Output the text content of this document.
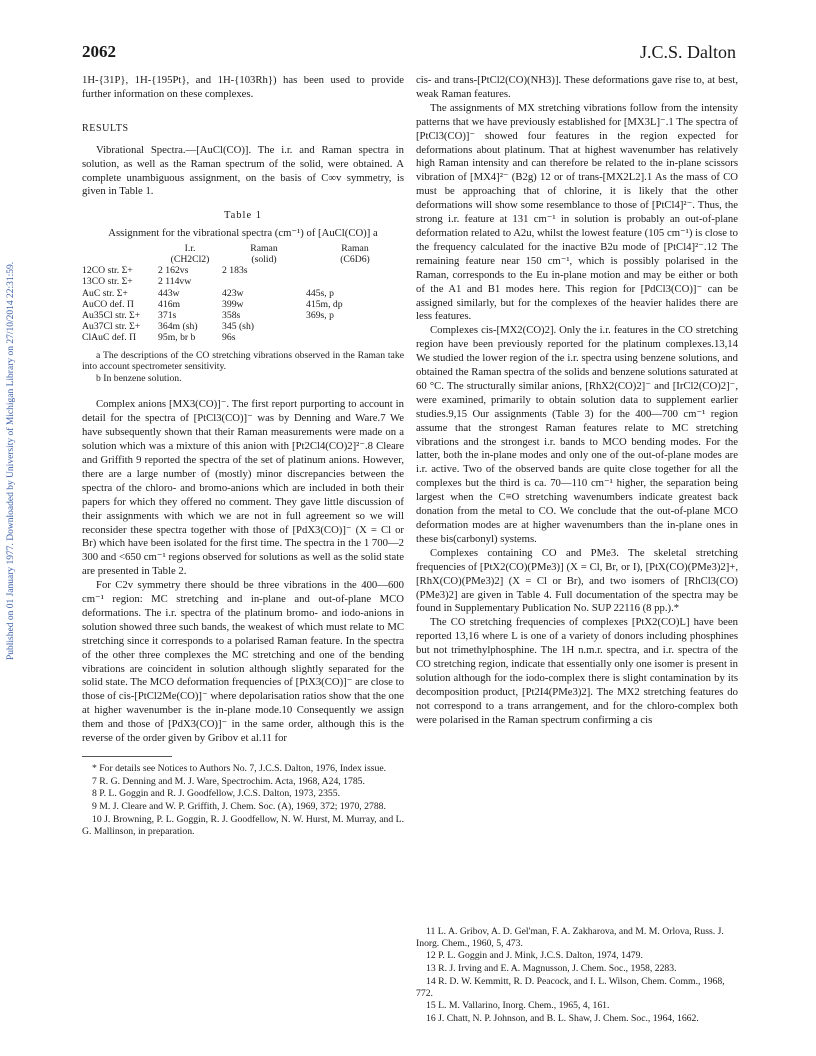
2062	J.C.S. Dalton
Published on 01 January 1977. Downloaded by University of Michigan Library on 27/10/2014 22:31:59.

1H-{31P}, 1H-{195Pt}, and 1H-{103Rh}) has been used to provide further information on these complexes.

RESULTS

Vibrational Spectra.—[AuCl(CO)]. The i.r. and Raman spectra in solution, as well as the Raman spectrum of the solid, were obtained. A complete unambiguous assignment, on the basis of C∞v symmetry, is given in Table 1.

Table 1
Assignment for the vibrational spectra (cm⁻¹) of [AuCl(CO)] a
	I.r.	Raman	Raman
	(CH2Cl2)	(solid)	(C6D6)
12CO str. Σ+	2 162vs	2 183s	
13CO str. Σ+	2 114vw		
AuC str. Σ+	443w	423w	445s, p
AuCO def. Π	416m	399w	415m, dp
Au35Cl str. Σ+	371s	358s	369s, p
Au37Cl str. Σ+	364m (sh)	345 (sh)	
ClAuC def. Π	95m, br b	96s	
a The descriptions of the CO stretching vibrations observed in the Raman take into account spectrometer sensitivity.
b In benzene solution.

Complex anions [MX3(CO)]⁻. The first report purporting to account in detail for the spectra of [PtCl3(CO)]⁻ was by Denning and Ware.7 We have subsequently shown that their Raman measurements were made on a solution which was a mixture of this anion with [Pt2Cl4(CO)2]²⁻.8 Cleare and Griffith 9 reported the spectra of the set of platinum anions. However, there are a large number of (mostly) minor discrepancies between the spectra of the chloro- and bromo-anions which are included in both their papers for which they offered no comment. They gave little discussion of their assignments with which we are not in full agreement so we will reconsider these spectra together with those of [PdX3(CO)]⁻ (X = Cl or Br) which have been isolated for the first time. The spectra in the 1 700—2 300 and <650 cm⁻¹ regions observed for solutions as well as the solid state are presented in Table 2.

For C2v symmetry there should be three vibrations in the 400—600 cm⁻¹ region: MC stretching and in-plane and out-of-plane MCO deformations. The i.r. spectra of the platinum bromo- and iodo-anions in solution showed three such bands, the weakest of which must relate to MC stretching since it corresponds to a polarised Raman feature. In the spectra of the other three complexes the MC stretching and one of the bending vibrations are coincident in solution although slightly separated for the solid state. The MCO deformation frequencies of [PtX3(CO)]⁻ are close to those of cis-[PtCl2Me(CO)]⁻ where depolarisation ratios show that the one at higher wavenumber is the in-plane mode.10 Consequently we assign them and those of [PdX3(CO)]⁻ in the same order, although this is the reverse of the order given by Gribov et al.11 for

* For details see Notices to Authors No. 7, J.C.S. Dalton, 1976, Index issue.
7 R. G. Denning and M. J. Ware, Spectrochim. Acta, 1968, A24, 1785.
8 P. L. Goggin and R. J. Goodfellow, J.C.S. Dalton, 1973, 2355.
9 M. J. Cleare and W. P. Griffith, J. Chem. Soc. (A), 1969, 372; 1970, 2788.
10 J. Browning, P. L. Goggin, R. J. Goodfellow, N. W. Hurst, M. Murray, and L. G. Mallinson, in preparation.

cis- and trans-[PtCl2(CO)(NH3)]. These deformations gave rise to, at best, weak Raman features.

The assignments of MX stretching vibrations follow from the intensity patterns that we have previously established for [MX3L]⁻.1 The spectra of [PtCl3(CO)]⁻ showed four features in the region expected for deformations about platinum. That at highest wavenumber has relatively high Raman intensity and can therefore be related to the in-plane scissors vibration of [MX4]²⁻ (B2g) 12 or of trans-[MX2L2].1 As the mass of CO must be approaching that of chlorine, it is likely that the other deformations will show some resemblance to those of [PtCl4]²⁻. Thus, the strong i.r. feature at 131 cm⁻¹ in solution is probably an out-of-plane deformation related to A2u, whilst the lowest feature (105 cm⁻¹) is close to the frequency calculated for the inactive B2u mode of [PtCl4]²⁻.12 The remaining feature near 150 cm⁻¹, which is possibly polarised in the Raman, corresponds to the Eu in-plane motion and may be either or both of the A1 and B1 modes here. This region for [PdCl3(CO)]⁻ can be assigned similarly, but for the complexes of the heavier halides there are less features.

Complexes cis-[MX2(CO)2]. Only the i.r. features in the CO stretching region have been previously reported for the platinum complexes.13,14 We studied the lower region of the i.r. spectra using benzene solutions, and obtained the Raman spectra of the solids and benzene solutions saturated at 60 °C. The structurally similar anions, [RhX2(CO)2]⁻ and [IrCl2(CO)2]⁻, were examined, primarily to obtain solution data to supplement earlier studies.9,15 Our assignments (Table 3) for the 400—700 cm⁻¹ region assume that the strongest Raman features relate to MC stretching vibrations and the strongest i.r. bands to MCO bending modes. For the latter, both the in-plane modes and only one of the out-of-plane modes are i.r. active. Two of the observed bands are quite close together for all the complexes but the third is ca. 70—110 cm⁻¹ higher, the separation being largest when the C≡O stretching wavenumbers indicate greatest back donation from the metal to CO. We conclude that the out-of-plane MCO deformation modes are at higher wavenumbers than the in-plane ones in these bis(carbonyl) systems.

Complexes containing CO and PMe3. The skeletal stretching frequencies of [PtX2(CO)(PMe3)] (X = Cl, Br, or I), [PtX(CO)(PMe3)2]+, [RhX(CO)(PMe3)2] (X = Cl or Br), and two isomers of [RhCl3(CO)(PMe3)2] are given in Table 4. Full documentation of the spectra may be found in Supplementary Publication No. SUP 22116 (8 pp.).*

The CO stretching frequencies of complexes [PtX2(CO)L] have been reported 13,16 where L is one of a variety of donors including phosphines but not trimethylphosphine. The 1H n.m.r. spectra, and i.r. spectra of the CO stretching region, indicate that essentially only one isomer is present in solution although for the iodo-complex there is slight contamination by its decomposition product, [Pt2I4(PMe3)2]. The MX2 stretching features do not correspond to a trans arrangement, and for the chloro-complex both were polarised in the Raman spectrum confirming a cis

11 L. A. Gribov, A. D. Gel'man, F. A. Zakharova, and M. M. Orlova, Russ. J. Inorg. Chem., 1960, 5, 473.
12 P. L. Goggin and J. Mink, J.C.S. Dalton, 1974, 1479.
13 R. J. Irving and E. A. Magnusson, J. Chem. Soc., 1958, 2283.
14 R. D. W. Kemmitt, R. D. Peacock, and I. L. Wilson, Chem. Comm., 1968, 772.
15 L. M. Vallarino, Inorg. Chem., 1965, 4, 161.
16 J. Chatt, N. P. Johnson, and B. L. Shaw, J. Chem. Soc., 1964, 1662.
